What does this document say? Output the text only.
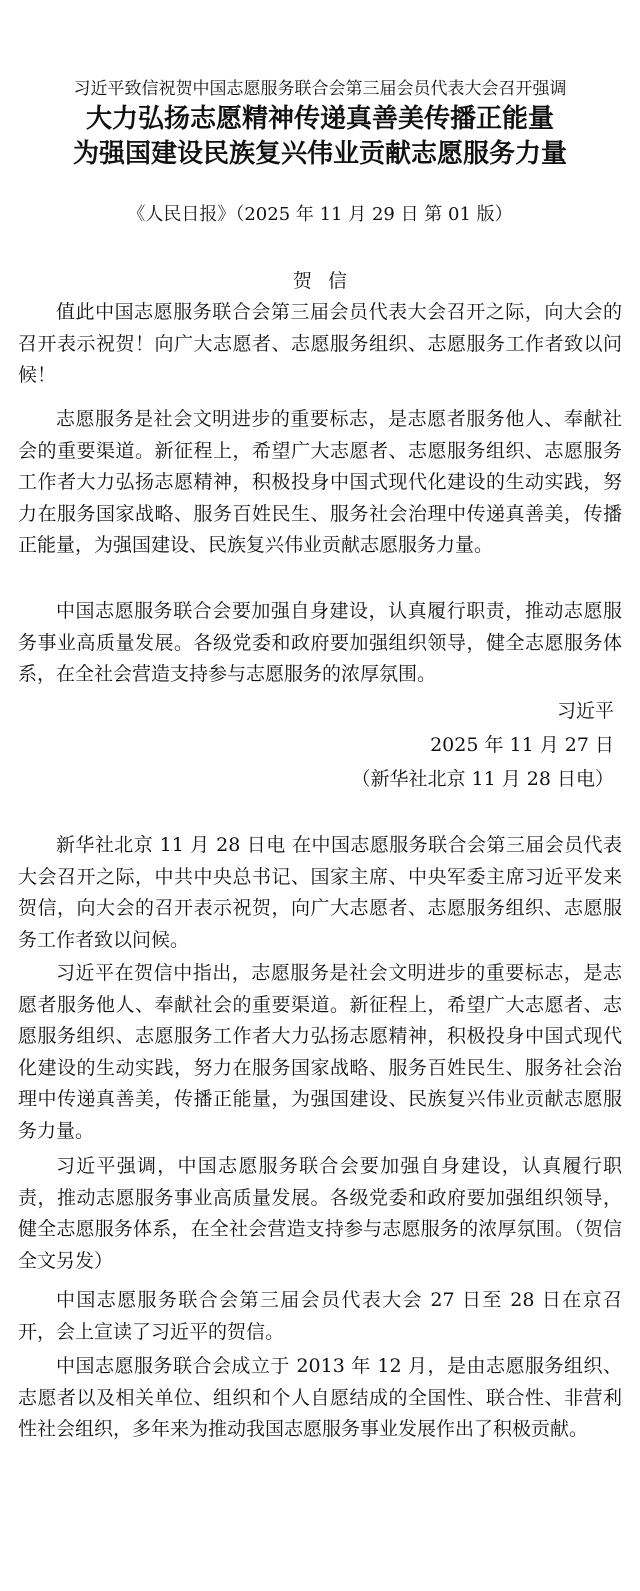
习近平致信祝贺中国志愿服务联合会第三届会员代表大会召开强调
大力弘扬志愿精神传递真善美传播正能量
为强国建设民族复兴伟业贡献志愿服务力量
《人民日报》（2025 年 11 月 29 日 第 01 版）
贺信

值此中国志愿服务联合会第三届会员代表大会召开之际，向大会的召开表示祝贺！向广大志愿者、志愿服务组织、志愿服务工作者致以问候！

志愿服务是社会文明进步的重要标志，是志愿者服务他人、奉献社会的重要渠道。新征程上，希望广大志愿者、志愿服务组织、志愿服务工作者大力弘扬志愿精神，积极投身中国式现代化建设的生动实践，努力在服务国家战略、服务百姓民生、服务社会治理中传递真善美，传播正能量，为强国建设、民族复兴伟业贡献志愿服务力量。

中国志愿服务联合会要加强自身建设，认真履行职责，推动志愿服务事业高质量发展。各级党委和政府要加强组织领导，健全志愿服务体系，在全社会营造支持参与志愿服务的浓厚氛围。

习近平
2025 年 11 月 27 日
（新华社北京 11 月 28 日电）

新华社北京 11 月 28 日电 在中国志愿服务联合会第三届会员代表大会召开之际，中共中央总书记、国家主席、中央军委主席习近平发来贺信，向大会的召开表示祝贺，向广大志愿者、志愿服务组织、志愿服务工作者致以问候。

习近平在贺信中指出，志愿服务是社会文明进步的重要标志，是志愿者服务他人、奉献社会的重要渠道。新征程上，希望广大志愿者、志愿服务组织、志愿服务工作者大力弘扬志愿精神，积极投身中国式现代化建设的生动实践，努力在服务国家战略、服务百姓民生、服务社会治理中传递真善美，传播正能量，为强国建设、民族复兴伟业贡献志愿服务力量。

习近平强调，中国志愿服务联合会要加强自身建设，认真履行职责，推动志愿服务事业高质量发展。各级党委和政府要加强组织领导，健全志愿服务体系，在全社会营造支持参与志愿服务的浓厚氛围。（贺信全文另发）

中国志愿服务联合会第三届会员代表大会 27 日至 28 日在京召开，会上宣读了习近平的贺信。

中国志愿服务联合会成立于 2013 年 12 月，是由志愿服务组织、志愿者以及相关单位、组织和个人自愿结成的全国性、联合性、非营利性社会组织，多年来为推动我国志愿服务事业发展作出了积极贡献。
